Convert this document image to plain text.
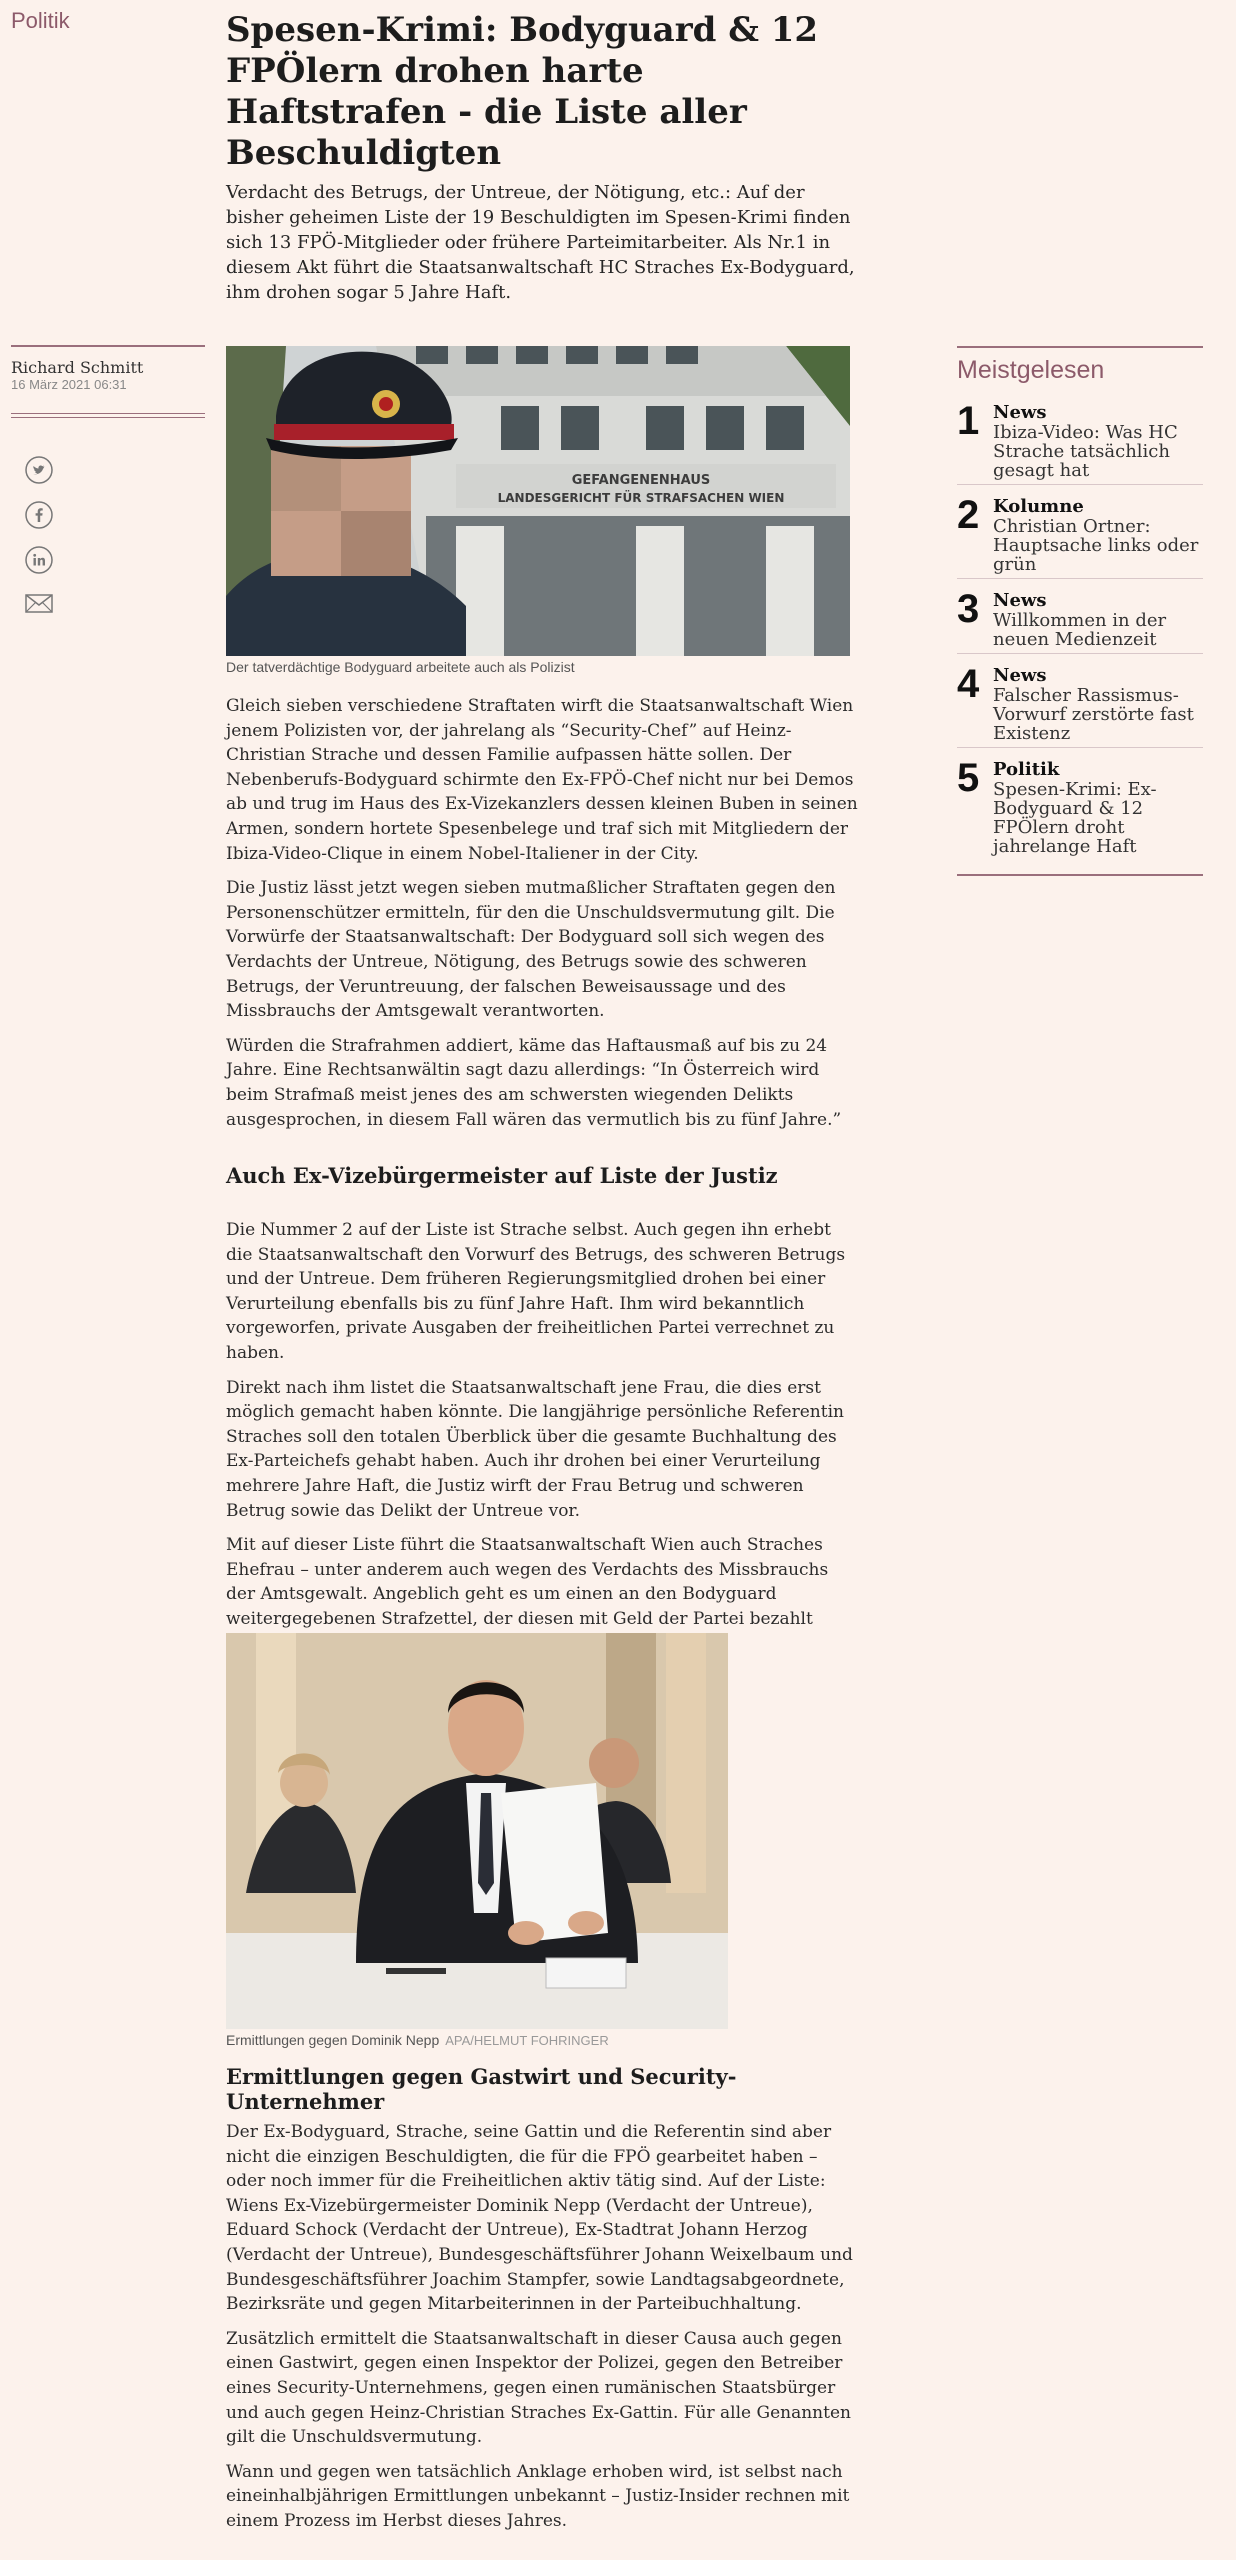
Politik	Spesen-Krimi: Bodyguard & 12 FPÖlern drohen harte Haftstrafen - die Liste aller Beschuldigten

Verdacht des Betrugs, der Untreue, der Nötigung, etc.: Auf der bisher geheimen Liste der 19 Beschuldigten im Spesen-Krimi finden sich 13 FPÖ-Mitglieder oder frühere Parteimitarbeiter. Als Nr.1 in diesem Akt führt die Staatsanwaltschaft HC Straches Ex-Bodyguard, ihm drohen sogar 5 Jahre Haft.

Richard Schmitt
16 März 2021 06:31
GEFANGENENHAUS
LANDESGERICHT FÜR STRAFSACHEN WIEN
Der tatverdächtige Bodyguard arbeitete auch als Polizist

Gleich sieben verschiedene Straftaten wirft die Staatsanwaltschaft Wien jenem Polizisten vor, der jahrelang als “Security-Chef” auf Heinz-Christian Strache und dessen Familie aufpassen hätte sollen. Der Nebenberufs-Bodyguard schirmte den Ex-FPÖ-Chef nicht nur bei Demos ab und trug im Haus des Ex-Vizekanzlers dessen kleinen Buben in seinen Armen, sondern hortete Spesenbelege und traf sich mit Mitgliedern der Ibiza-Video-Clique in einem Nobel-Italiener in der City.

Die Justiz lässt jetzt wegen sieben mutmaßlicher Straftaten gegen den Personenschützer ermitteln, für den die Unschuldsvermutung gilt. Die Vorwürfe der Staatsanwaltschaft: Der Bodyguard soll sich wegen des Verdachts der Untreue, Nötigung, des Betrugs sowie des schweren Betrugs, der Veruntreuung, der falschen Beweisaussage und des Missbrauchs der Amtsgewalt verantworten.

Würden die Strafrahmen addiert, käme das Haftausmaß auf bis zu 24 Jahre. Eine Rechtsanwältin sagt dazu allerdings: “In Österreich wird beim Strafmaß meist jenes des am schwersten wiegenden Delikts ausgesprochen, in diesem Fall wären das vermutlich bis zu fünf Jahre.”

Auch Ex-Vizebürgermeister auf Liste der Justiz

Die Nummer 2 auf der Liste ist Strache selbst. Auch gegen ihn erhebt die Staatsanwaltschaft den Vorwurf des Betrugs, des schweren Betrugs und der Untreue. Dem früheren Regierungsmitglied drohen bei einer Verurteilung ebenfalls bis zu fünf Jahre Haft. Ihm wird bekanntlich vorgeworfen, private Ausgaben der freiheitlichen Partei verrechnet zu haben.

Direkt nach ihm listet die Staatsanwaltschaft jene Frau, die dies erst möglich gemacht haben könnte. Die langjährige persönliche Referentin Straches soll den totalen Überblick über die gesamte Buchhaltung des Ex-Parteichefs gehabt haben. Auch ihr drohen bei einer Verurteilung mehrere Jahre Haft, die Justiz wirft der Frau Betrug und schweren Betrug sowie das Delikt der Untreue vor.

Mit auf dieser Liste führt die Staatsanwaltschaft Wien auch Straches Ehefrau – unter anderem auch wegen des Verdachts des Missbrauchs der Amtsgewalt. Angeblich geht es um einen an den Bodyguard weitergegebenen Strafzettel, der diesen mit Geld der Partei bezahlt

Ermittlungen gegen Dominik Nepp APA/HELMUT FOHRINGER
Ermittlungen gegen Gastwirt und Security-Unternehmer

Der Ex-Bodyguard, Strache, seine Gattin und die Referentin sind aber nicht die einzigen Beschuldigten, die für die FPÖ gearbeitet haben – oder noch immer für die Freiheitlichen aktiv tätig sind. Auf der Liste: Wiens Ex-Vizebürgermeister Dominik Nepp (Verdacht der Untreue), Eduard Schock (Verdacht der Untreue), Ex-Stadtrat Johann Herzog (Verdacht der Untreue), Bundesgeschäftsführer Johann Weixelbaum und Bundesgeschäftsführer Joachim Stampfer, sowie Landtagsabgeordnete, Bezirksräte und gegen Mitarbeiterinnen in der Parteibuchhaltung.

Zusätzlich ermittelt die Staatsanwaltschaft in dieser Causa auch gegen einen Gastwirt, gegen einen Inspektor der Polizei, gegen den Betreiber eines Security-Unternehmens, gegen einen rumänischen Staatsbürger und auch gegen Heinz-Christian Straches Ex-Gattin. Für alle Genannten gilt die Unschuldsvermutung.

Wann und gegen wen tatsächlich Anklage erhoben wird, ist selbst nach eineinhalbjährigen Ermittlungen unbekannt – Justiz-Insider rechnen mit einem Prozess im Herbst dieses Jahres.

Meistgelesen
1 News
Ibiza-Video: Was HC Strache tatsächlich gesagt hat
2 Kolumne
Christian Ortner: Hauptsache links oder grün
3 News
Willkommen in der neuen Medienzeit
4 News
Falscher Rassismus-Vorwurf zerstörte fast Existenz
5 Politik
Spesen-Krimi: Ex-Bodyguard & 12 FPÖlern droht jahrelange Haft
